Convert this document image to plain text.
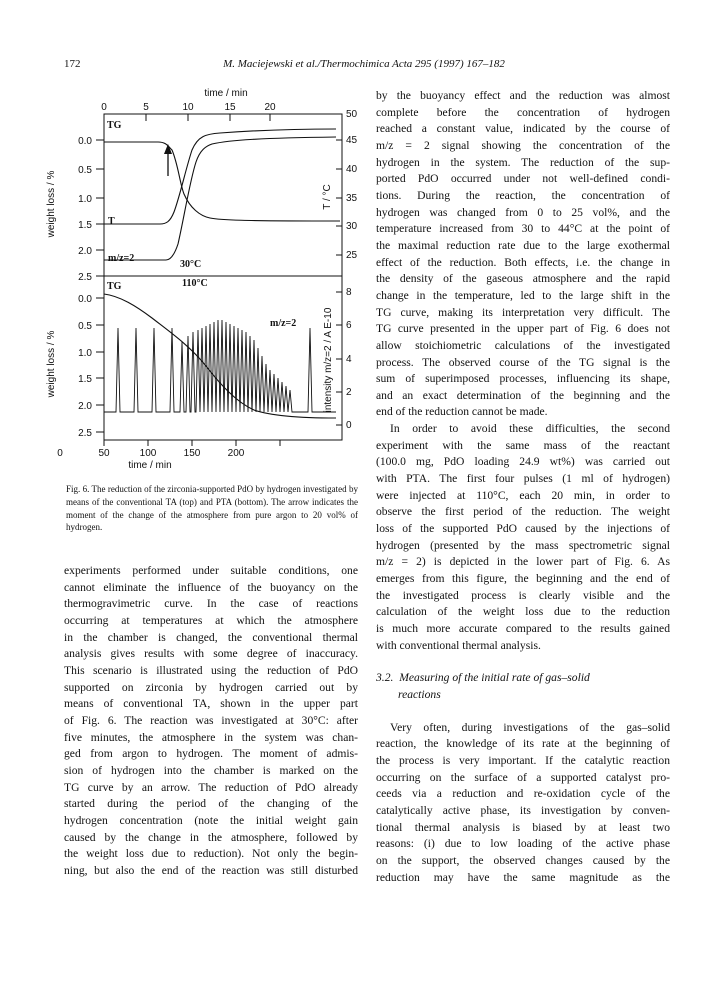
172	M. Maciejewski et al./Thermochimica Acta 295 (1997) 167–182
time / min
0	5	10	15	20
0.0
0.5
1.0
1.5
2.0
2.5
weight loss / %
50
45
40
35
30
25
T / °C
TG
T
m/z=2
30°C
0.0
0.5
1.0
1.5
2.0
2.5
weight loss / %
8
6
4
2
0
intensity m/z=2 / A E-10
0	50	100	150	200
time / min
TG
m/z=2
110°C
Fig. 6. The reduction of the zirconia-supported PdO by hydrogen investigated by means of the conventional TA (top) and PTA (bottom). The arrow indicates the moment of the change of the atmosphere from pure argon to 20 vol% of hydrogen.
experiments performed under suitable conditions, one
cannot eliminate the influence of the buoyancy on the
thermogravimetric curve. In the case of reactions
occurring at temperatures at which the atmosphere
in the chamber is changed, the conventional thermal
analysis gives results with some degree of inaccuracy.
This scenario is illustrated using the reduction of PdO
supported on zirconia by hydrogen carried out by
means of conventional TA, shown in the upper part
of Fig. 6. The reaction was investigated at 30°C: after
five minutes, the atmosphere in the system was chan-
ged from argon to hydrogen. The moment of admis-
sion of hydrogen into the chamber is marked on the
TG curve by an arrow. The reduction of PdO already
started during the period of the changing of the
hydrogen concentration (note the initial weight gain
caused by the change in the atmosphere, followed by
the weight loss due to reduction). Not only the begin-
ning, but also the end of the reaction was still disturbed
by the buoyancy effect and the reduction was almost
complete before the concentration of hydrogen
reached a constant value, indicated by the course of
m/z = 2 signal showing the concentration of the
hydrogen in the system. The reduction of the sup-
ported PdO occurred under not well-defined condi-
tions. During the reaction, the concentration of
hydrogen was changed from 0 to 25 vol%, and the
temperature increased from 30 to 44°C at the point of
the maximal reduction rate due to the large exothermal
effect of the reduction. Both effects, i.e. the change in
the density of the gaseous atmosphere and the rapid
change in the temperature, led to the large shift in the
TG curve, making its interpretation very difficult. The
TG curve presented in the upper part of Fig. 6 does not
allow stoichiometric calculations of the investigated
process. The observed course of the TG signal is the
sum of superimposed processes, influencing its shape,
and an exact determination of the beginning and the
end of the reduction cannot be made.
In order to avoid these difficulties, the second
experiment with the same mass of the reactant
(100.0 mg, PdO loading 24.9 wt%) was carried out
with PTA. The first four pulses (1 ml of hydrogen)
were injected at 110°C, each 20 min, in order to
observe the first period of the reduction. The weight
loss of the supported PdO caused by the injections of
hydrogen (presented by the mass spectrometric signal
m/z = 2) is depicted in the lower part of Fig. 6. As
emerges from this figure, the beginning and the end of
the investigated process is clearly visible and the
calculation of the weight loss due to the reduction
is much more accurate compared to the results gained
with conventional thermal analysis.
3.2. Measuring of the initial rate of gas–solid
reactions
Very often, during investigations of the gas–solid
reaction, the knowledge of its rate at the beginning of
the process is very important. If the catalytic reaction
occurring on the surface of a supported catalyst pro-
ceeds via a reduction and re-oxidation cycle of the
catalytically active phase, its investigation by conven-
tional thermal analysis is biased by at least two
reasons: (i) due to low loading of the active phase
on the support, the observed changes caused by the
reduction may have the same magnitude as the
